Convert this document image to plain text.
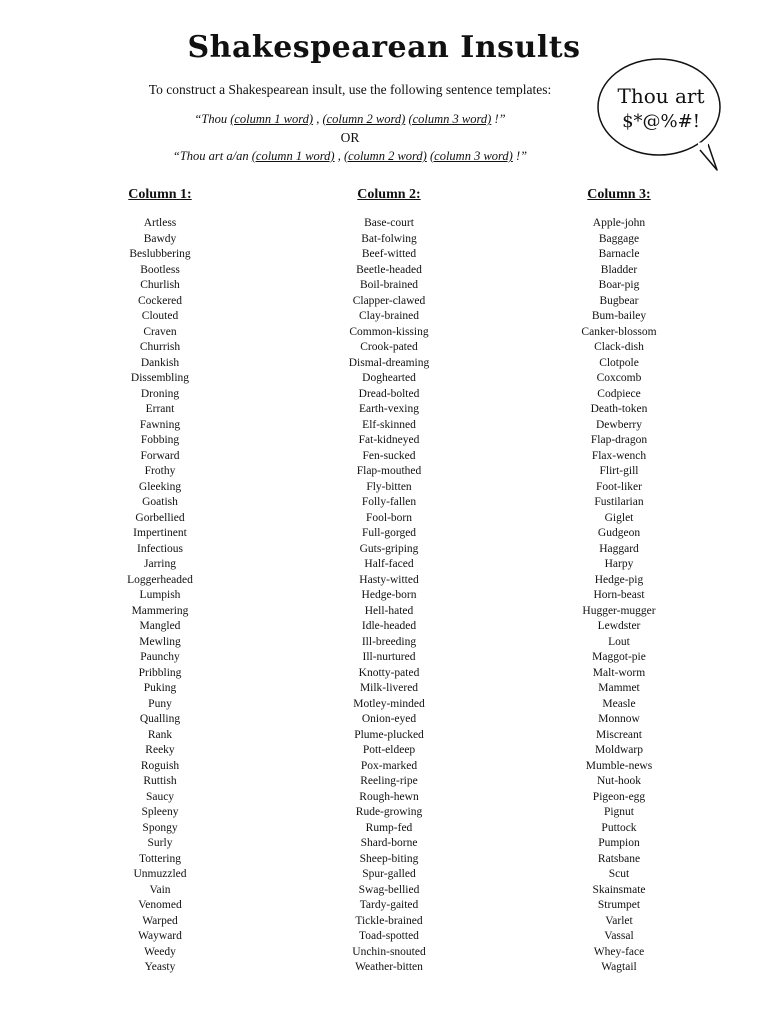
Shakespearean Insults
To construct a Shakespearean insult, use the following sentence templates:
“Thou (column 1 word) , (column 2 word) (column 3 word) !”
OR
“Thou art a/an (column 1 word) , (column 2 word) (column 3 word) !”
Thou art
$*@%#!
Column 1:	Column 2:	Column 3:
Artless
Bawdy
Beslubbering
Bootless
Churlish
Cockered
Clouted
Craven
Churrish
Dankish
Dissembling
Droning
Errant
Fawning
Fobbing
Forward
Frothy
Gleeking
Goatish
Gorbellied
Impertinent
Infectious
Jarring
Loggerheaded
Lumpish
Mammering
Mangled
Mewling
Paunchy
Pribbling
Puking
Puny
Qualling
Rank
Reeky
Roguish
Ruttish
Saucy
Spleeny
Spongy
Surly
Tottering
Unmuzzled
Vain
Venomed
Warped
Wayward
Weedy
Yeasty
Base-court
Bat-folwing
Beef-witted
Beetle-headed
Boil-brained
Clapper-clawed
Clay-brained
Common-kissing
Crook-pated
Dismal-dreaming
Doghearted
Dread-bolted
Earth-vexing
Elf-skinned
Fat-kidneyed
Fen-sucked
Flap-mouthed
Fly-bitten
Folly-fallen
Fool-born
Full-gorged
Guts-griping
Half-faced
Hasty-witted
Hedge-born
Hell-hated
Idle-headed
Ill-breeding
Ill-nurtured
Knotty-pated
Milk-livered
Motley-minded
Onion-eyed
Plume-plucked
Pott-eldeep
Pox-marked
Reeling-ripe
Rough-hewn
Rude-growing
Rump-fed
Shard-borne
Sheep-biting
Spur-galled
Swag-bellied
Tardy-gaited
Tickle-brained
Toad-spotted
Unchin-snouted
Weather-bitten
Apple-john
Baggage
Barnacle
Bladder
Boar-pig
Bugbear
Bum-bailey
Canker-blossom
Clack-dish
Clotpole
Coxcomb
Codpiece
Death-token
Dewberry
Flap-dragon
Flax-wench
Flirt-gill
Foot-liker
Fustilarian
Giglet
Gudgeon
Haggard
Harpy
Hedge-pig
Horn-beast
Hugger-mugger
Lewdster
Lout
Maggot-pie
Malt-worm
Mammet
Measle
Monnow
Miscreant
Moldwarp
Mumble-news
Nut-hook
Pigeon-egg
Pignut
Puttock
Pumpion
Ratsbane
Scut
Skainsmate
Strumpet
Varlet
Vassal
Whey-face
Wagtail
